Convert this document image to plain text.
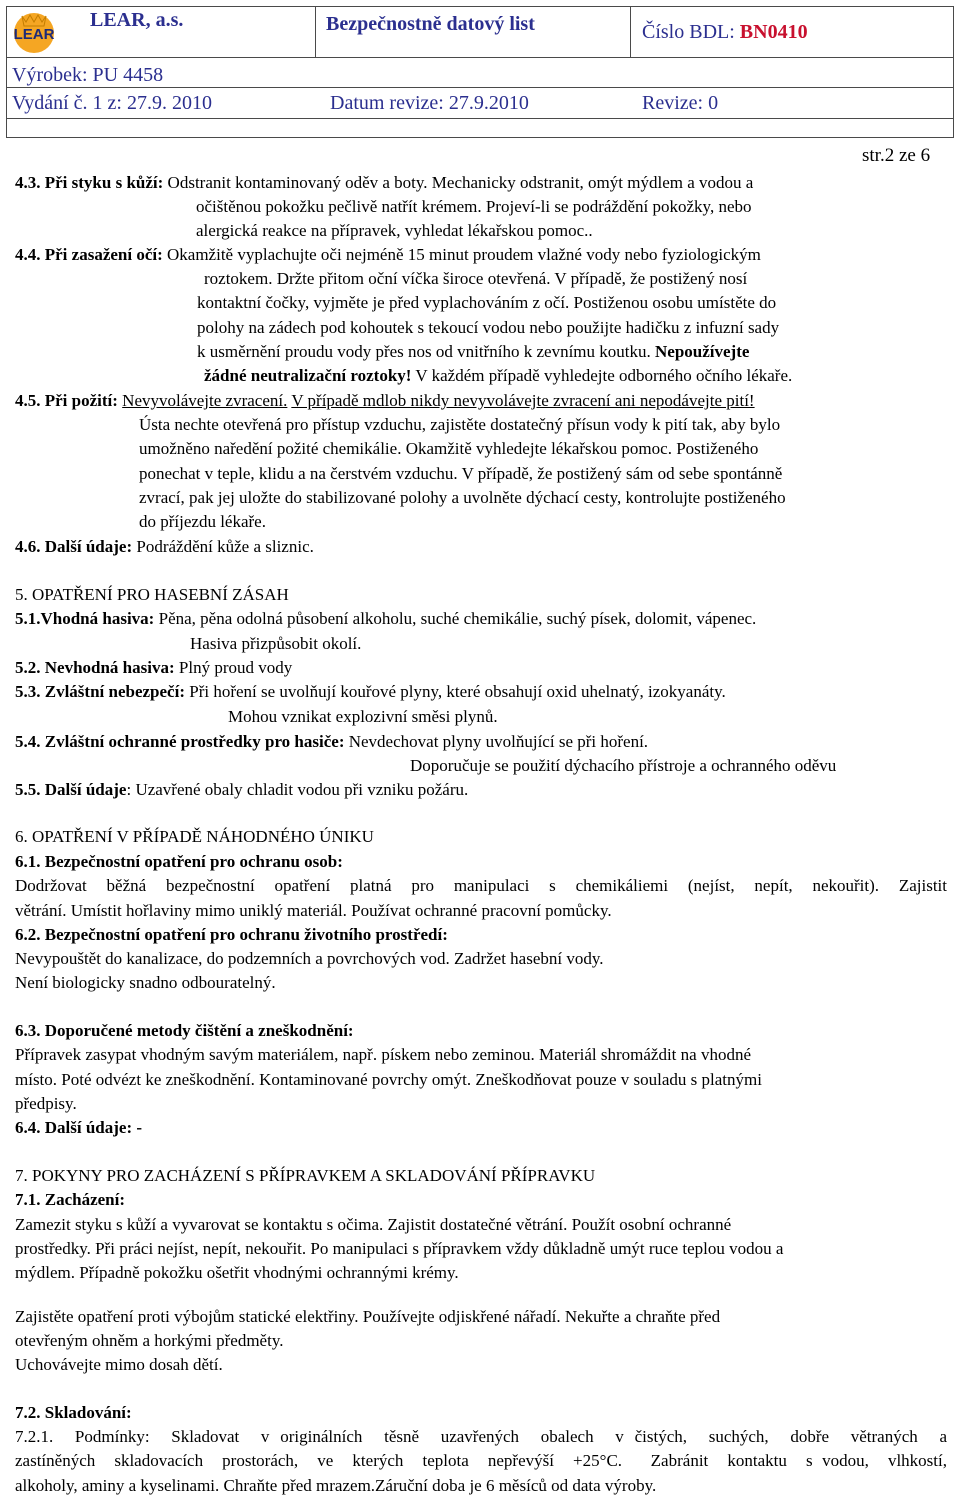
LEAR
LEAR, a.s.	Bezpečnostně datový list	Číslo BDL: BN0410
Výrobek: PU 4458
Vydání č. 1 z: 27.9. 2010	Datum revize: 27.9.2010	Revize: 0
str.2 ze 6
4.3. Při styku s kůží: Odstranit kontaminovaný oděv a boty. Mechanicky odstranit, omýt mýdlem a vodou a
očištěnou pokožku pečlivě natřít krémem. Projeví-li se podráždění pokožky, nebo
alergická reakce na přípravek, vyhledat lékařskou pomoc..
4.4. Při zasažení očí: Okamžitě vyplachujte oči nejméně 15 minut proudem vlažné vody nebo fyziologickým
roztokem. Držte přitom oční víčka široce otevřená. V případě, že postižený nosí
kontaktní čočky, vyjměte je před vyplachováním z očí. Postiženou osobu umístěte do
polohy na zádech pod kohoutek s tekoucí vodou nebo použijte hadičku z infuzní sady
k usměrnění proudu vody přes nos od vnitřního k zevnímu koutku. Nepoužívejte
žádné neutralizační roztoky! V každém případě vyhledejte odborného očního lékaře.
4.5. Při požití: Nevyvolávejte zvracení. V případě mdlob nikdy nevyvolávejte zvracení ani nepodávejte pití!
Ústa nechte otevřená pro přístup vzduchu, zajistěte dostatečný přísun vody k pití tak, aby bylo
umožněno naředění požité chemikálie. Okamžitě vyhledejte lékařskou pomoc. Postiženého
ponechat v teple, klidu a na čerstvém vzduchu. V případě, že postižený sám od sebe spontánně
zvrací, pak jej uložte do stabilizované polohy a uvolněte dýchací cesty, kontrolujte postiženého
do příjezdu lékaře.
4.6. Další údaje: Podráždění kůže a sliznic.
5. OPATŘENÍ PRO HASEBNÍ ZÁSAH
5.1.Vhodná hasiva: Pěna, pěna odolná působení alkoholu, suché chemikálie, suchý písek, dolomit, vápenec.
Hasiva přizpůsobit okolí.
5.2. Nevhodná hasiva: Plný proud vody
5.3. Zvláštní nebezpečí: Při hoření se uvolňují kouřové plyny, které obsahují oxid uhelnatý, izokyanáty.
Mohou vznikat explozivní směsi plynů.
5.4. Zvláštní ochranné prostředky pro hasiče: Nevdechovat plyny uvolňující se při hoření.
Doporučuje se použití dýchacího přístroje a ochranného oděvu
5.5. Další údaje: Uzavřené obaly chladit vodou při vzniku požáru.
6. OPATŘENÍ V PŘÍPADĚ NÁHODNÉHO ÚNIKU
6.1. Bezpečnostní opatření pro ochranu osob:
Dodržovat běžná bezpečnostní opatření platná pro manipulaci s chemikáliemi (nejíst, nepít, nekouřit). Zajistit
větrání. Umístit hořlaviny mimo uniklý materiál. Používat ochranné pracovní pomůcky.
6.2. Bezpečnostní opatření pro ochranu životního prostředí:
Nevypouštět do kanalizace, do podzemních a povrchových vod. Zadržet hasební vody.
Není biologicky snadno odbouratelný.
6.3. Doporučené metody čištění a zneškodnění:
Přípravek zasypat vhodným savým materiálem, např. pískem nebo zeminou. Materiál shromáždit na vhodné
místo. Poté odvézt ke zneškodnění. Kontaminované povrchy omýt. Zneškodňovat pouze v souladu s platnými
předpisy.
6.4. Další údaje: -
7. POKYNY PRO ZACHÁZENÍ S PŘÍPRAVKEM A SKLADOVÁNÍ PŘÍPRAVKU
7.1. Zacházení:
Zamezit styku s kůží a vyvarovat se kontaktu s očima. Zajistit dostatečné větrání. Použít osobní ochranné
prostředky. Při práci nejíst, nepít, nekouřit. Po manipulaci s přípravkem vždy důkladně umýt ruce teplou vodou a
mýdlem. Případně pokožku ošetřit vhodnými ochrannými krémy.
Zajistěte opatření proti výbojům statické elektřiny. Používejte odjiskřené nářadí. Nekuřte a chraňte před
otevřeným ohněm a horkými předměty.
Uchovávejte mimo dosah dětí.
7.2. Skladování:
7.2.1.  Podmínky:  Skladovat  v originálních  těsně  uzavřených  obalech  v čistých,  suchých,  dobře  větraných  a
zastíněných  skladovacích  prostorách,  ve  kterých  teplota  nepřevýší  +25°C.   Zabránit  kontaktu  s vodou,  vlhkostí,
alkoholy, aminy a kyselinami. Chraňte před mrazem.Záruční doba je 6 měsíců od data výroby.
